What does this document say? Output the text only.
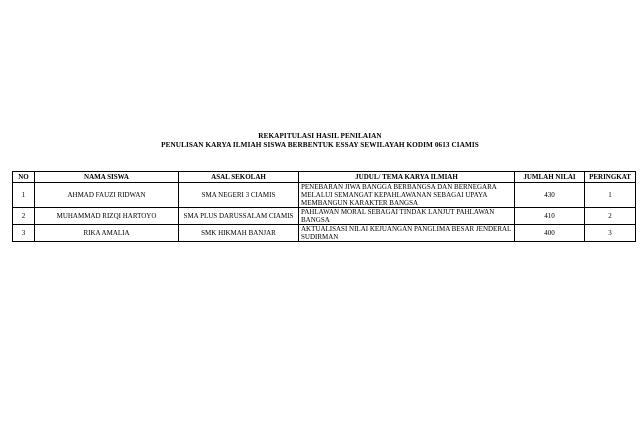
REKAPITULASI HASIL PENILAIAN
PENULISAN KARYA ILMIAH SISWA BERBENTUK ESSAY SEWILAYAH KODIM 0613 CIAMIS
NO	NAMA SISWA	ASAL SEKOLAH	JUDUL/ TEMA KARYA ILMIAH	JUMLAH NILAI	PERINGKAT
1	AHMAD FAUZI RIDWAN	SMA NEGERI 3 CIAMIS	PENEBARAN JIWA BANGGA BERBANGSA DAN BERNEGARA MELALUI SEMANGAT KEPAHLAWANAN SEBAGAI UPAYA MEMBANGUN KARAKTER BANGSA	430	1
2	MUHAMMAD RIZQI HARTOYO	SMA PLUS DARUSSALAM CIAMIS	PAHLAWAN MORAL SEBAGAI TINDAK LANJUT PAHLAWAN BANGSA	410	2
3	RIKA AMALIA	SMK HIKMAH BANJAR	AKTUALISASI NILAI KEJUANGAN PANGLIMA BESAR JENDERAL SUDIRMAN	400	3
